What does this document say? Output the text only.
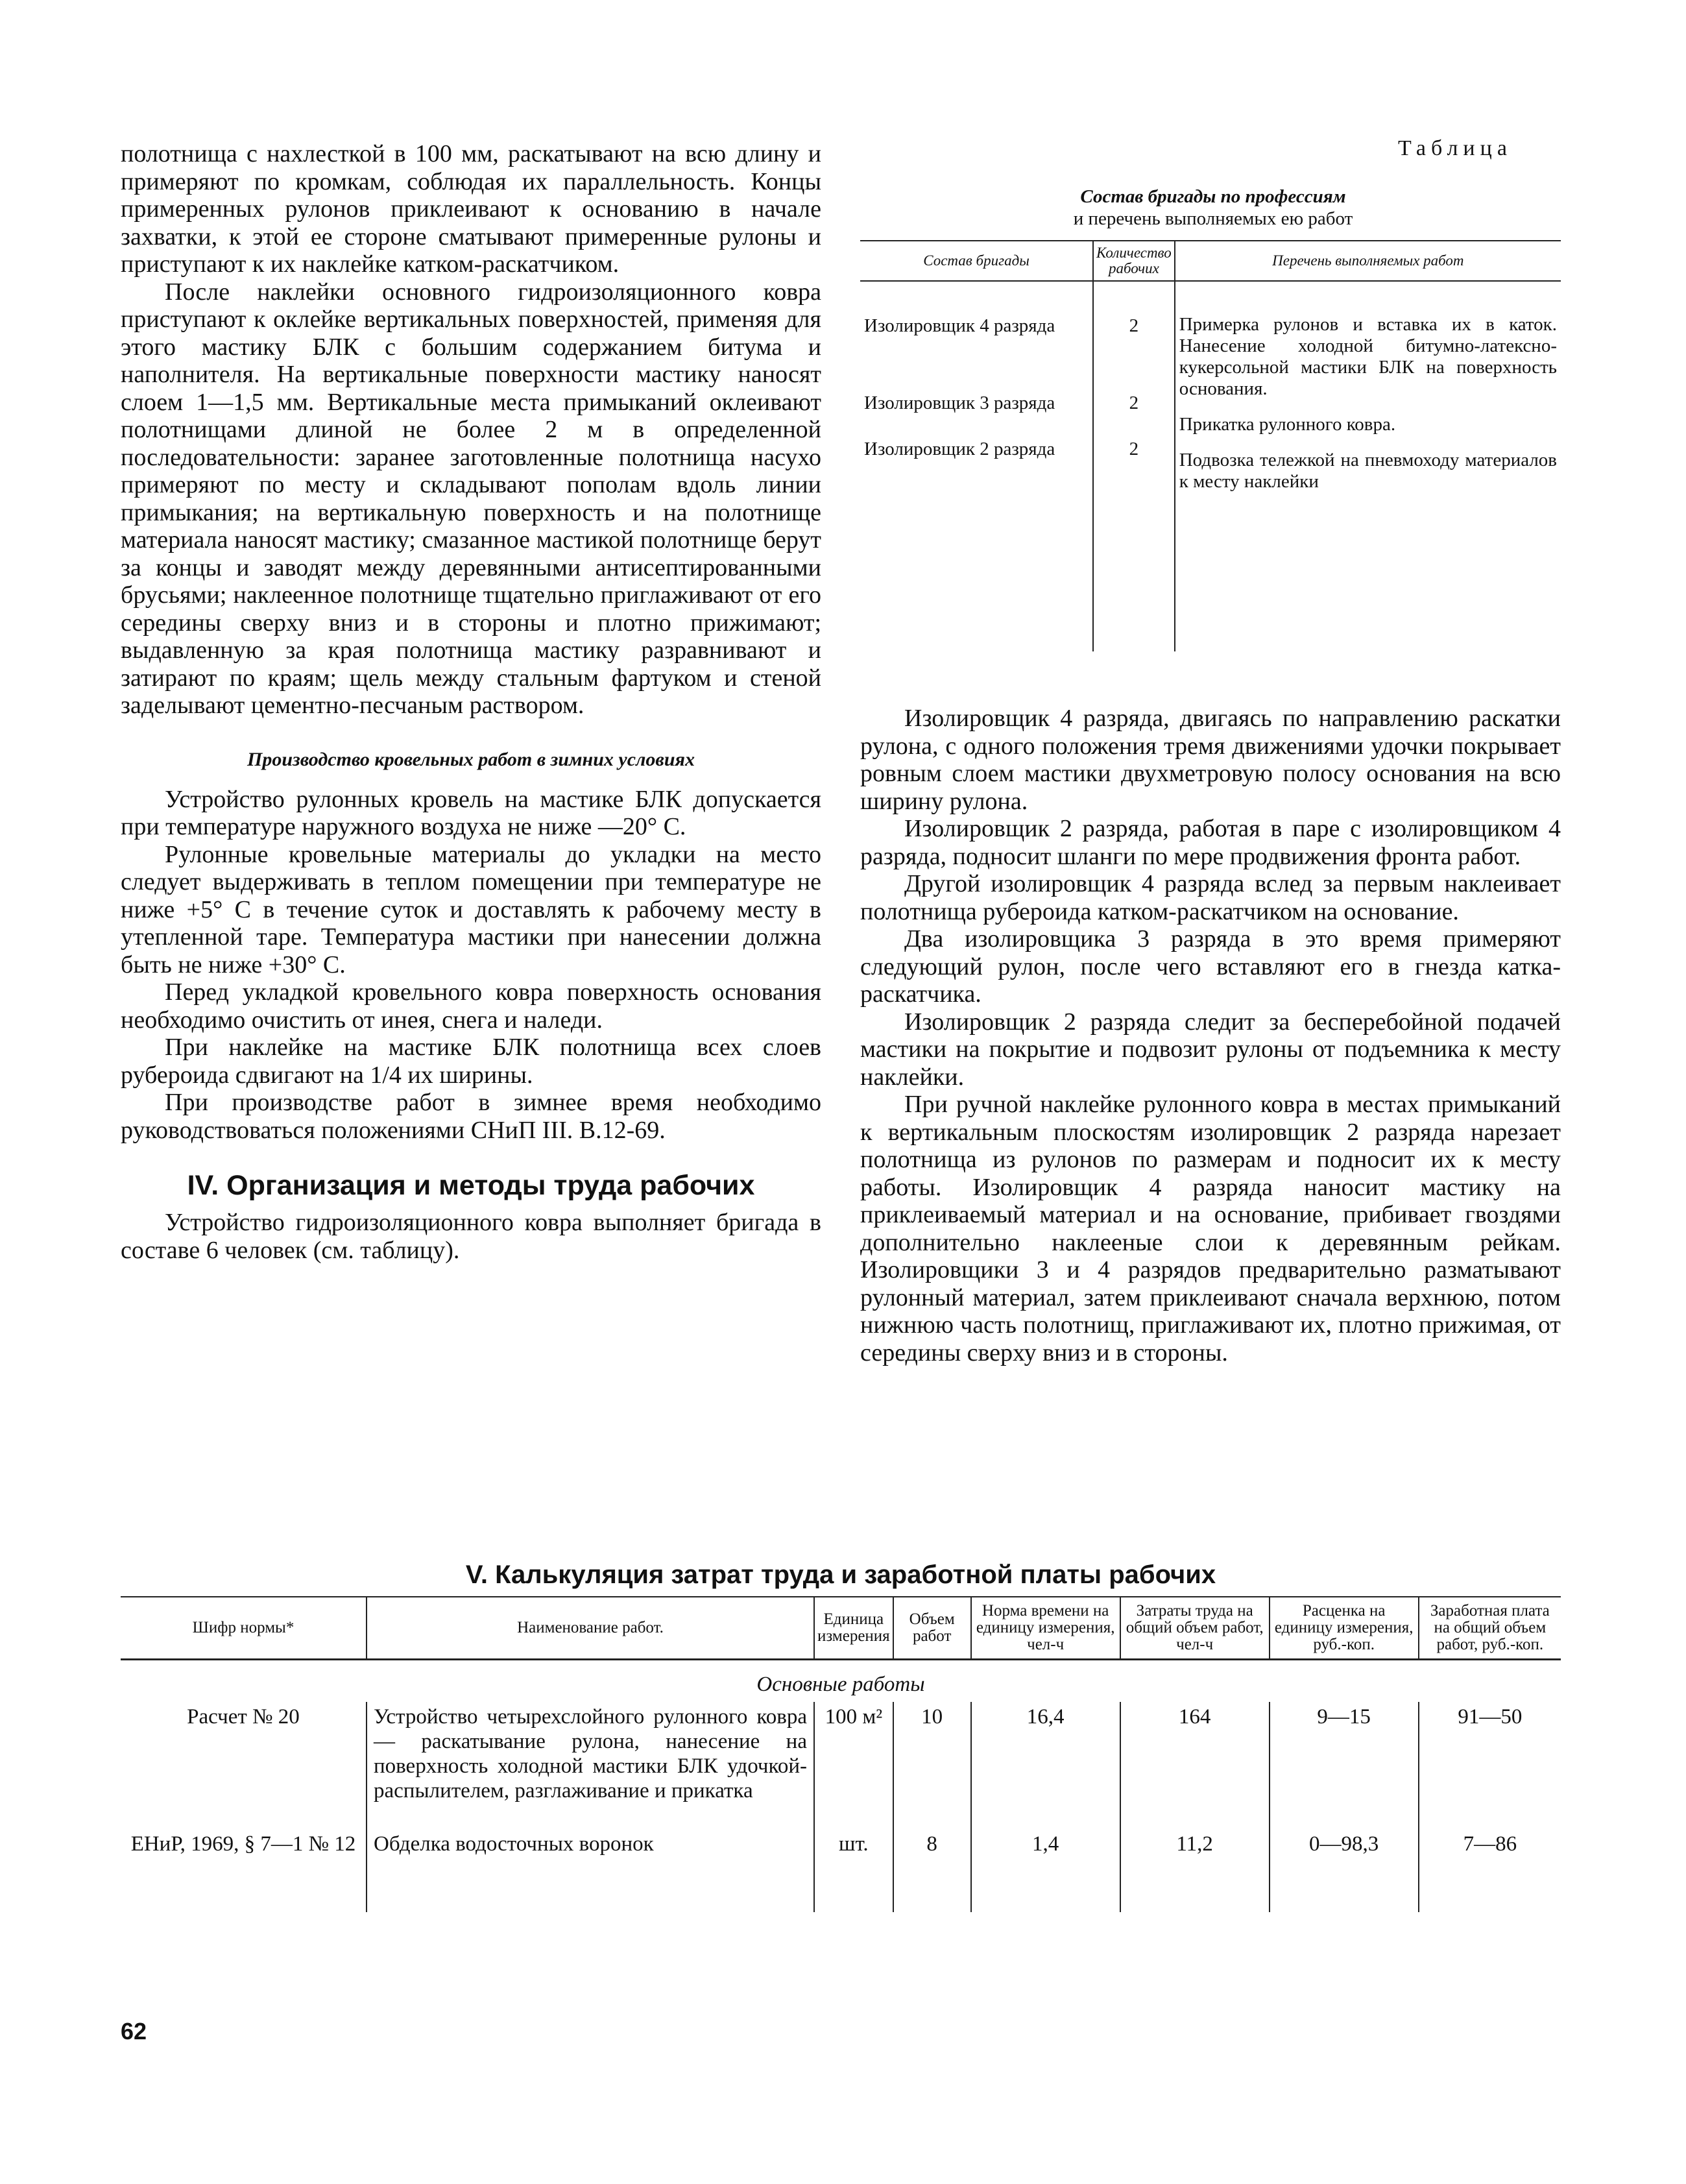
полотнища с нахлесткой в 100 мм, раскатывают на всю длину и примеряют по кромкам, соблюдая их параллельность. Концы примеренных рулонов приклеивают к основанию в начале захватки, к этой ее стороне сматывают примеренные рулоны и приступают к их наклейке катком-раскатчиком.

После наклейки основного гидроизоляционного ковра приступают к оклейке вертикальных поверхностей, применяя для этого мастику БЛК с большим содержанием битума и наполнителя. На вертикальные поверхности мастику наносят слоем 1—1,5 мм. Вертикальные места примыканий оклеивают полотнищами длиной не более 2 м в определенной последовательности: заранее заготовленные полотнища насухо примеряют по месту и складывают пополам вдоль линии примыкания; на вертикальную поверхность и на полотнище материала наносят мастику; смазанное мастикой полотнище берут за концы и заводят между деревянными антисептированными брусьями; наклеенное полотнище тщательно приглаживают от его середины сверху вниз и в стороны и плотно прижимают; выдавленную за края полотнища мастику разравнивают и затирают по краям; щель между стальным фартуком и стеной заделывают цементно-песчаным раствором.

Производство кровельных работ в зимних условиях

Устройство рулонных кровель на мастике БЛК допускается при температуре наружного воздуха не ниже —20° С.

Рулонные кровельные материалы до укладки на место следует выдерживать в теплом помещении при температуре не ниже +5° С в течение суток и доставлять к рабочему месту в утепленной таре. Температура мастики при нанесении должна быть не ниже +30° С.

Перед укладкой кровельного ковра поверхность основания необходимо очистить от инея, снега и наледи.

При наклейке на мастике БЛК полотнища всех слоев рубероида сдвигают на 1/4 их ширины.

При производстве работ в зимнее время необходимо руководствоваться положениями СНиП III. В.12-69.

IV. Организация и методы труда рабочих

Устройство гидроизоляционного ковра выполняет бригада в составе 6 человек (см. таблицу).

Таблица
Состав бригады по профессиям
и перечень выполняемых ею работ
Состав бригады	Количество рабочих	Перечень выполняемых работ
Изолировщик 4 разряда	2	Примерка рулонов и вставка их в каток. Нанесение холодной битумно-латексно-кукерсольной мастики БЛК на поверхность основания.
Прикатка рулонного ковра.
Подвозка тележкой на пневмоходу материалов к месту наклейки

Изолировщик 3 разряда	2	
Изолировщик 2 разряда	2	

Изолировщик 4 разряда, двигаясь по направлению раскатки рулона, с одного положения тремя движениями удочки покрывает ровным слоем мастики двухметровую полосу основания на всю ширину рулона.

Изолировщик 2 разряда, работая в паре с изолировщиком 4 разряда, подносит шланги по мере продвижения фронта работ.

Другой изолировщик 4 разряда вслед за первым наклеивает полотнища рубероида катком-раскатчиком на основание.

Два изолировщика 3 разряда в это время примеряют следующий рулон, после чего вставляют его в гнезда катка-раскатчика.

Изолировщик 2 разряда следит за бесперебойной подачей мастики на покрытие и подвозит рулоны от подъемника к месту наклейки.

При ручной наклейке рулонного ковра в местах примыканий к вертикальным плоскостям изолировщик 2 разряда нарезает полотнища из рулонов по размерам и подносит их к месту работы. Изолировщик 4 разряда наносит мастику на приклеиваемый материал и на основание, прибивает гвоздями дополнительно наклееные слои к деревянным рейкам. Изолировщики 3 и 4 разрядов предварительно разматывают рулонный материал, затем приклеивают сначала верхнюю, потом нижнюю часть полотнищ, приглаживают их, плотно прижимая, от середины сверху вниз и в стороны.

V. Калькуляция затрат труда и заработной платы рабочих
Шифр нормы*	Наименование работ.	Единица измерения	Объем работ	Норма времени на единицу измерения, чел-ч	Затраты труда на общий объем работ, чел-ч	Расценка на единицу измерения, руб.-коп.	Заработная плата на общий объем работ, руб.-коп.
Основные работы							
Расчет № 20	Устройство четырехслойного рулонного ковра — раскатывание рулона, нанесение на поверхность холодной мастики БЛК удочкой-распылителем, разглаживание и прикатка	100 м²	10	16,4	164	9—15	91—50
ЕНиР, 1969, § 7—1 № 12	Обделка водосточных воронок	шт.	8	1,4	11,2	0—98,3	7—86
62
